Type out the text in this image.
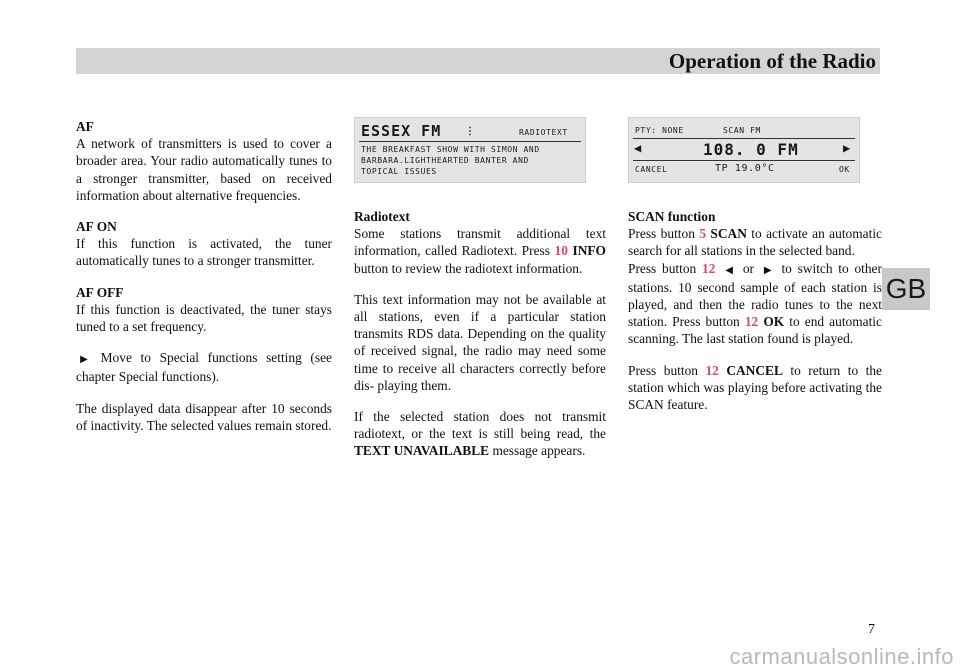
Operation of the Radio

AF
A network of transmitters is used to cover a broader area. Your radio automatically tunes to a stronger transmitter, based on received information about alternative frequencies.

AF ON
If this function is activated, the tuner automatically tunes to a stronger transmitter.

AF OFF
If this function is deactivated, the tuner stays tuned to a set frequency.

▶ Move to Special functions setting (see chapter Special functions).

The displayed data disappear after 10 seconds of inactivity. The selected values remain stored.

ESSEX FM ⋮	RADIOTEXT
THE BREAKFAST SHOW WITH SIMON AND
BARBARA.LIGHTHEARTED BANTER AND
TOPICAL ISSUES

Radiotext
Some stations transmit additional text information, called Radiotext. Press 10 INFO button to review the radiotext information.

This text information may not be available at all stations, even if a particular station transmits RDS data. Depending on the quality of received signal, the radio may need some time to receive all characters correctly before dis- playing them.

If the selected station does not transmit radiotext, or the text is still being read, the TEXT UNAVAILABLE message appears.

PTY: NONE	SCAN FM
◀	108. 0 FM	▶
CANCEL	TP 19.0°C	OK

SCAN function
Press button 5 SCAN to activate an automatic search for all stations in the selected band.
Press button 12 ◀ or ▶ to switch to other stations. 10 second sample of each station is played, and then the radio tunes to the next station. Press button 12 OK to end automatic scanning. The last station found is played.

Press button 12 CANCEL to return to the station which was playing before activating the SCAN feature.

GB
7
carmanualsonline.info
